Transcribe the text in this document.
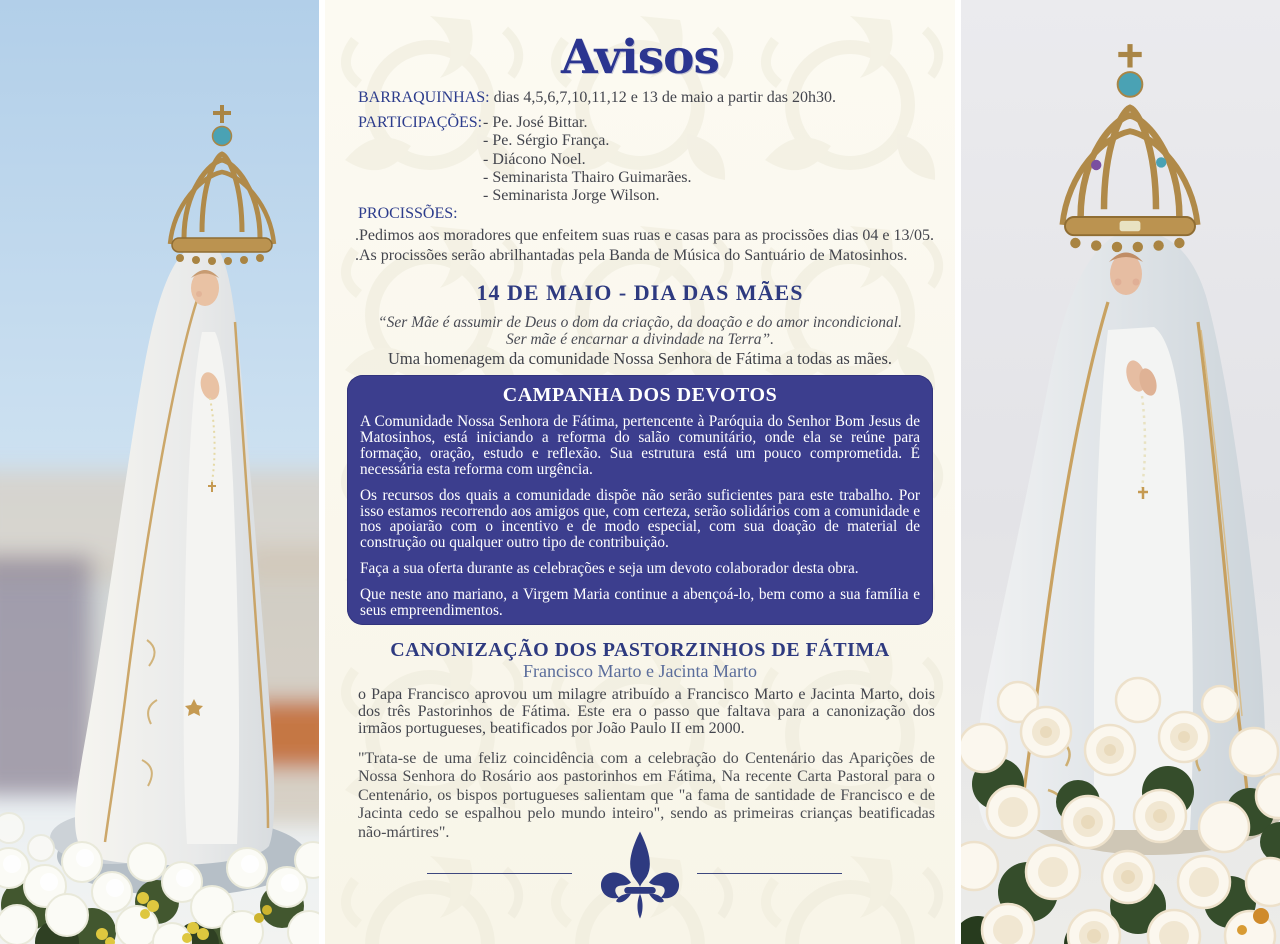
Avisos
BARRAQUINHAS: dias 4,5,6,7,10,11,12 e 13 de maio a partir das 20h30.
PARTICIPAÇÕES: - Pe. José Bittar.
- Pe. Sérgio França.
- Diácono Noel.
- Seminarista Thairo Guimarães.
- Seminarista Jorge Wilson.
PROCISSÕES:
.Pedimos aos moradores que enfeitem suas ruas e casas para as procissões dias 04 e 13/05.
.As procissões serão abrilhantadas pela Banda de Música do Santuário de Matosinhos.
14 DE MAIO - DIA DAS MÃES
“Ser Mãe é assumir de Deus o dom da criação, da doação e do amor incondicional.
Ser mãe é encarnar a divindade na Terra”.
Uma homenagem da comunidade Nossa Senhora de Fátima a todas as mães.
CAMPANHA DOS DEVOTOS

A Comunidade Nossa Senhora de Fátima, pertencente à Paróquia do Senhor Bom Jesus de Matosinhos, está iniciando a reforma do salão comunitário, onde ela se reúne para formação, oração, estudo e reflexão. Sua estrutura está um pouco comprometida. É necessária esta reforma com urgência.

Os recursos dos quais a comunidade dispõe não serão suficientes para este trabalho. Por isso estamos recorrendo aos amigos que, com certeza, serão solidários com a comunidade e nos apoiarão com o incentivo e de modo especial, com sua doação de material de construção ou qualquer outro tipo de contribuição.

Faça a sua oferta durante as celebrações e seja um devoto colaborador desta obra.

Que neste ano mariano, a Virgem Maria continue a abençoá-lo, bem como a sua família e seus empreendimentos.

CANONIZAÇÃO DOS PASTORZINHOS DE FÁTIMA
Francisco Marto e Jacinta Marto
o Papa Francisco aprovou um milagre atribuído a Francisco Marto e Jacinta Marto, dois dos três Pastorinhos de Fátima. Este era o passo que faltava para a canonização dos irmãos portugueses, beatificados por João Paulo II em 2000.
"Trata-se de uma feliz coincidência com a celebração do Centenário das Aparições de Nossa Senhora do Rosário aos pastorinhos em Fátima, Na recente Carta Pastoral para o Centenário, os bispos portugueses salientam que "a fama de santidade de Francisco e de Jacinta cedo se espalhou pelo mundo inteiro", sendo as primeiras crianças beatificadas não-mártires".
